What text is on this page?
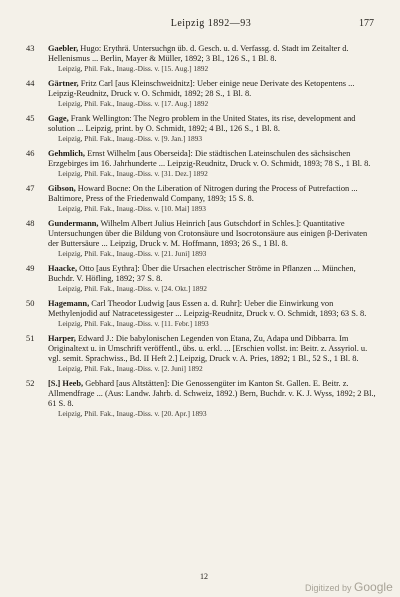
Leipzig 1892—93	177
43 Gaebler, Hugo: Erythrä. Untersuchgn üb. d. Gesch. u. d. Verfassg. d. Stadt im Zeitalter d. Hellenismus ... Berlin, Mayer & Müller, 1892; 3 Bl., 126 S., 1 Bl. 8.

Leipzig, Phil. Fak., Inaug.-Diss. v. [15. Aug.] 1892

44 Gärtner, Fritz Carl [aus Kleinschweidnitz]: Ueber einige neue Derivate des Ketopentens ... Leipzig-Reudnitz, Druck v. O. Schmidt, 1892; 28 S., 1 Bl. 8.

Leipzig, Phil. Fak., Inaug.-Diss. v. [17. Aug.] 1892

45 Gage, Frank Wellington: The Negro problem in the United States, its rise, development and solution ... Leipzig, print. by O. Schmidt, 1892; 4 Bl., 126 S., 1 Bl. 8.

Leipzig, Phil. Fak., Inaug.-Diss. v. [9. Jan.] 1893

46 Gehmlich, Ernst Wilhelm [aus Oberseida]: Die städtischen Lateinschulen des sächsischen Erzgebirges im 16. Jahrhunderte ... Leipzig-Reudnitz, Druck v. O. Schmidt, 1893; 78 S., 1 Bl. 8.

Leipzig, Phil. Fak., Inaug.-Diss. v. [31. Dez.] 1892

47 Gibson, Howard Bocne: On the Liberation of Nitrogen during the Process of Putrefaction ... Baltimore, Press of the Friedenwald Company, 1893; 15 S. 8.

Leipzig, Phil. Fak., Inaug.-Diss. v. [10. Mai] 1893

48 Gundermann, Wilhelm Albert Julius Heinrich [aus Gutschdorf in Schles.]: Quantitative Untersuchungen über die Bildung von Crotonsäure und Isocrotonsäure aus einigen β-Derivaten der Buttersäure ... Leipzig, Druck v. M. Hoffmann, 1893; 26 S., 1 Bl. 8.

Leipzig, Phil. Fak., Inaug.-Diss. v. [21. Juni] 1893

49 Haacke, Otto [aus Eythra]: Über die Ursachen electrischer Ströme in Pflanzen ... München, Buchdr. V. Höfling, 1892; 37 S. 8.

Leipzig, Phil. Fak., Inaug.-Diss. v. [24. Okt.] 1892

50 Hagemann, Carl Theodor Ludwig [aus Essen a. d. Ruhr]: Ueber die Einwirkung von Methylenjodid auf Natracetessigester ... Leipzig-Reudnitz, Druck v. O. Schmidt, 1893; 63 S. 8.

Leipzig, Phil. Fak., Inaug.-Diss. v. [11. Febr.] 1893

51 Harper, Edward J.: Die babylonischen Legenden von Etana, Zu, Adapa und Dibbarra. Im Originaltext u. in Umschrift veröffentl., übs. u. erkl. ... [Erschien vollst. in: Beitr. z. Assyriol. u. vgl. semit. Sprachwiss., Bd. II Heft 2.] Leipzig, Druck v. A. Pries, 1892; 1 Bl., 52 S., 1 Bl. 8.

Leipzig, Phil. Fak., Inaug.-Diss. v. [2. Juni] 1892

52 [S.] Heeb, Gebhard [aus Altstätten]: Die Genossengüter im Kanton St. Gallen. E. Beitr. z. Allmendfrage ... (Aus: Landw. Jahrb. d. Schweiz, 1892.) Bern, Buchdr. v. K. J. Wyss, 1892; 2 Bl., 61 S. 8.

Leipzig, Phil. Fak., Inaug.-Diss. v. [20. Apr.] 1893

12
Digitized by Google
